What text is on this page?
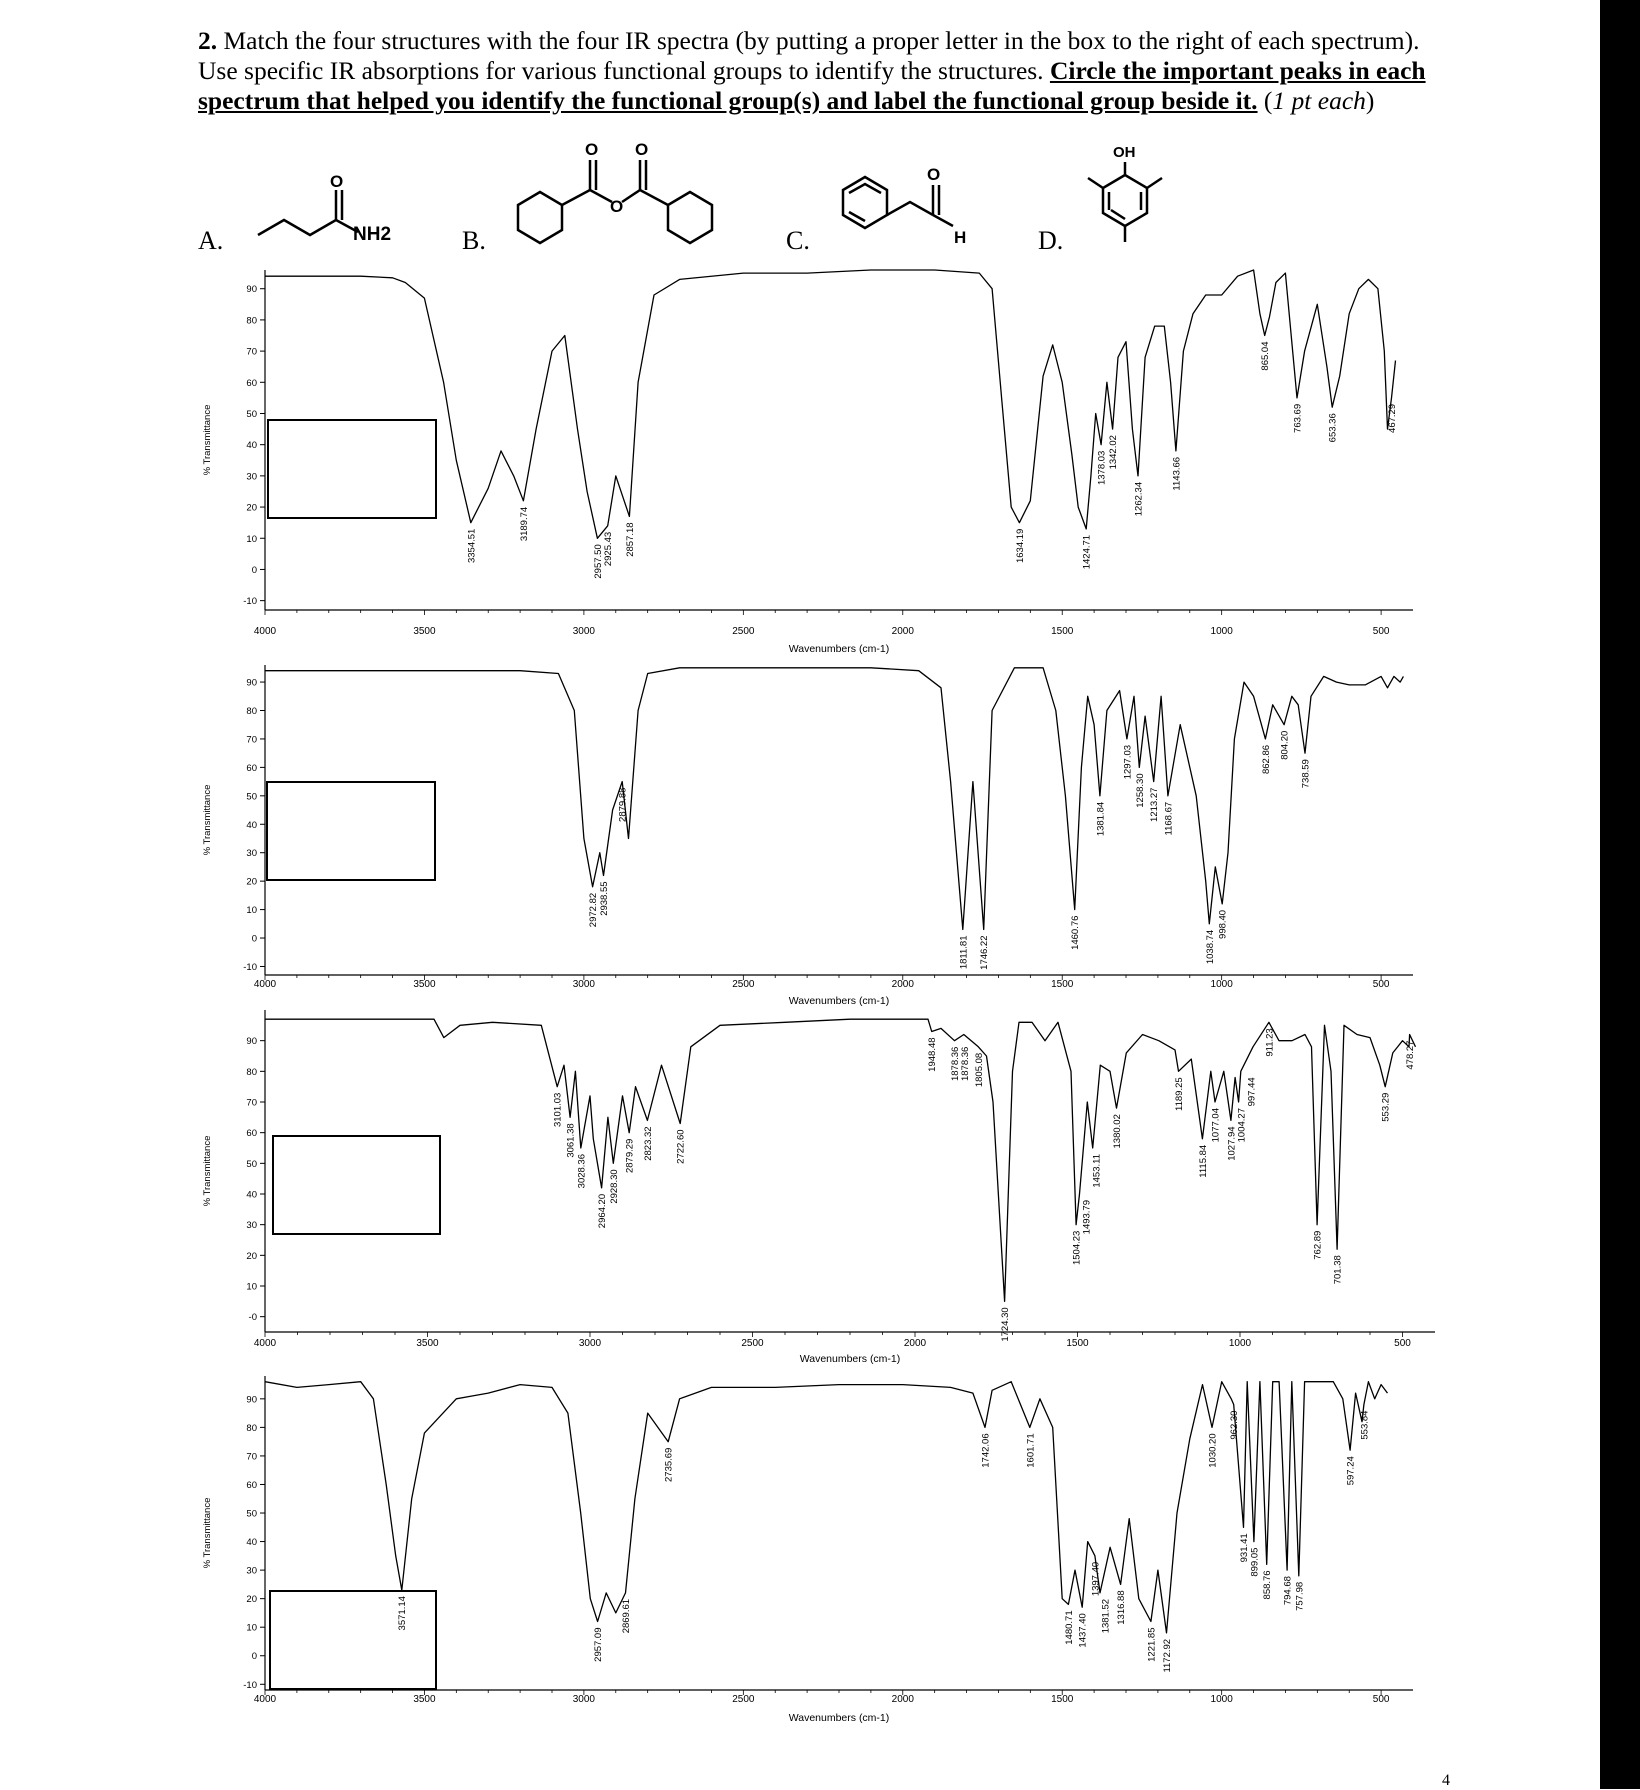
2. Match the four structures with the four IR spectra (by putting a proper letter in the box to the right of each spectrum). Use specific IR absorptions for various functional groups to identify the structures. Circle the important peaks in each spectrum that helped you identify the functional group(s) and label the functional group beside it. (1 pt each)
A.	B.	C.	D.
O
NH2
O O
O
O
H
OH
90
80
70
60
50
40
30
20
10
0
-10
4000	3500	3000	2500	2000	1500	1000	500
Wavenumbers (cm-1)
% Transmittance
3354.51
3189.74
2957.50 2925.43 2857.18	1634.19	1424.71
1378.03 1342.02
1262.34
1143.66
865.04
763.69	653.36	467.29
90
80
70
60
50
40
30
20
10
0
-10
4000	3500	3000	2500	2000	1500	1000	500
Wavenumbers (cm-1)
% Transmittance
2972.82 2938.55
2879.88
1811.81 1746.22
1460.76
1381.84
1297.03
1258.30 1213.27 1168.67
1038.74
998.40
862.86 804.20
738.59
90
80
70
60
50
40
30
20
10
-0
4000	3500	3000	2500	2000	1500	1000	500
Wavenumbers (cm-1)
% Transmittance
3101.03
3061.38
3028.36
2964.20
2928.30
2879.29 2823.32 2722.60
1948.48 1878.36 1878.36 1805.08
1724.30
1504.23
1493.79
1453.11
1380.02
1189.25
1115.84
1077.04
1027.94
1004.27
997.44
911.23
762.89
701.38
553.29
478.27
90
80
70
60
50
40
30
20
10
0
-10
4000	3500	3000	2500	2000	1500	1000	500
Wavenumbers (cm-1)
% Transmittance
3571.14
2957.09
2869.61
2735.69	1742.06	1601.71
1480.71 1437.40
1397.40
1381.52 1316.88
1221.85 1172.92
1030.20
962.30
931.41 899.05
858.76 794.68 757.98
597.24
553.84
4
